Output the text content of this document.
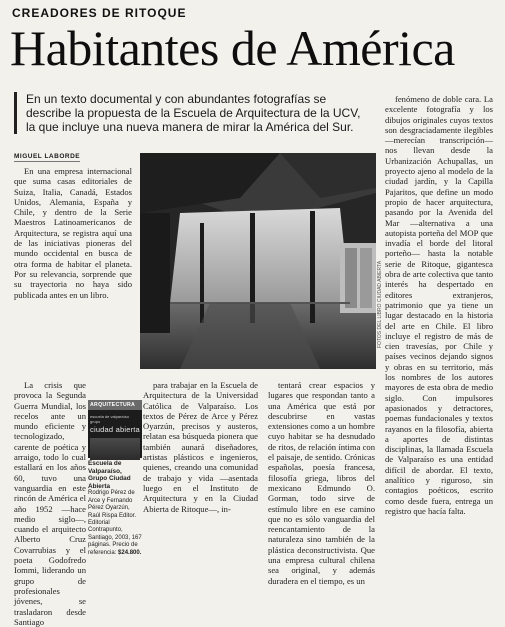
CREADORES DE RITOQUE
Habitantes de América
En un texto documental y con abundantes fotografías se describe la propuesta de la Escuela de Arquitectura de la UCV, la que incluye una nueva manera de mirar la América del Sur.
MIGUEL LABORDE

En una empresa internacional que suma casas editoriales de Suiza, Italia, Canadá, Estados Unidos, Alemania, España y Chile, y dentro de la Serie Maestros Latinoamericanos de Arquitectura, se registra aquí una de las iniciativas pioneras del mundo occidental en busca de otra forma de habitar el planeta. Por su relevancia, sorprende que su trayectoria no haya sido publicada antes en un libro.	FOTOS DEL LIBRO CIUDAD ABIERTA

La crisis que provoca la Segunda Guerra Mundial, los recelos ante un mundo eficiente y tecnologizado, carente de poética y arraigo, todo lo cual estallará en los años 60, tuvo una vanguardia en este rincón de América el año 1952 —hace medio siglo—, cuando el arquitecto Alberto Cruz Covarrubias y el poeta Godofredo Iommi, liderando un grupo de profesionales jóvenes, se trasladaron desde Santiago

ARQUITECTURA
escuela de valparaíso grupo
ciudad abierta
Escuela de Valparaíso, Grupo Ciudad Abierta
Rodrigo Pérez de Arce y Fernando Pérez Oyarzún, Raúl Rispa Editor. Editorial Contrapunto, Santiago, 2003, 167 páginas. Precio de referencia: $24.800.

para trabajar en la Escuela de Arquitectura de la Universidad Católica de Valparaíso. Los textos de Pérez de Arce y Pérez Oyarzún, precisos y austeros, relatan esa búsqueda pionera que también aunará diseñadores, artistas plásticos e ingenieros, quienes, creando una comunidad de trabajo y vida —asentada luego en el Instituto de Arquitectura y en la Ciudad Abierta de Ritoque—, in-

tentará crear espacios y lugares que respondan tanto a una América que está por descubrirse en vastas extensiones como a un hombre cuyo habitar se ha desnudado de ritos, de relación íntima con el paisaje, de sentido. Crónicas españolas, poesía francesa, filosofía griega, libros del mexicano Edmundo O. Gorman, todo sirve de estímulo libre en ese camino que no es sólo vanguardia del reencantamiento de la naturaleza sino también de la plástica deconstructivista. Que una empresa cultural chilena sea original, y además duradera en el tiempo, es un

fenómeno de doble cara. La excelente fotografía y los dibujos originales cuyos textos son desgraciadamente ilegibles —merecían transcripción— nos llevan desde la Urbanización Achupallas, un proyecto ajeno al modelo de la ciudad jardín, y la Capilla Pajaritos, que define un modo propio de hacer arquitectura, pasando por la Avenida del Mar —alternativa a una autopista porteña del MOP que invadía el borde del litoral porteño— hasta la notable serie de Ritoque, gigantesca obra de arte colectiva que tanto interés ha despertado en editores extranjeros, patrimonio que ya tiene un lugar destacado en la historia del arte en Chile. El libro incluye el registro de más de cien travesías, por Chile y países vecinos dejando signos y obras en su territorio, más los nombres de los autores mayores de esta obra de medio siglo. Con impulsores apasionados y detractores, poemas fundacionales y textos rayanos en la filosofía, abierta a aportes de distintas disciplinas, la llamada Escuela de Valparaíso es una entidad difícil de abordar. El texto, analítico y riguroso, sin contagios poéticos, escrito como desde fuera, entrega un registro que hacía falta.
